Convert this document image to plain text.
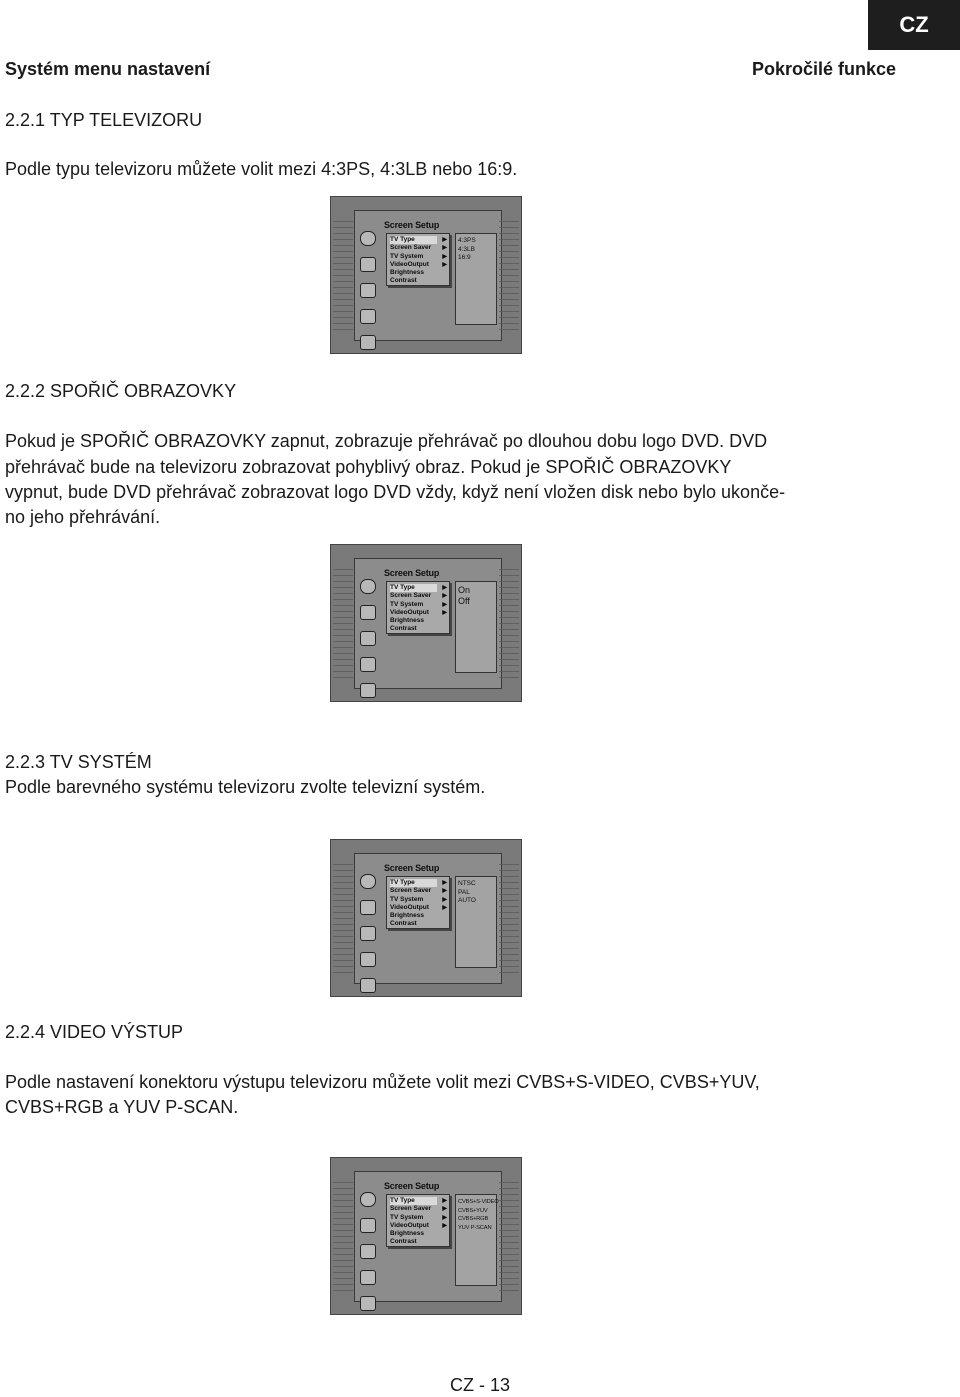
CZ
Systém menu nastavení	Pokročilé funkce
2.2.1 TYP TELEVIZORU
Podle typu televizoru můžete volit mezi 4:3PS, 4:3LB nebo 16:9.
Screen Setup
TV Type	▶
Screen Saver ▶
TV System	▶
VideoOutput ▶
Brightness
Contrast
4:3PS
4:3LB
16:9
2.2.2 SPOŘIČ OBRAZOVKY
Pokud je SPOŘIČ OBRAZOVKY zapnut, zobrazuje přehrávač po dlouhou dobu logo DVD. DVD
přehrávač bude na televizoru zobrazovat pohyblivý obraz. Pokud je SPOŘIČ OBRAZOVKY
vypnut, bude DVD přehrávač zobrazovat logo DVD vždy, když není vložen disk nebo bylo ukonče-
no jeho přehrávání.
Screen Setup
TV Type	▶
Screen Saver ▶
TV System	▶
VideoOutput ▶
Brightness
Contrast
On
Off
2.2.3 TV SYSTÉM
Podle barevného systému televizoru zvolte televizní systém.
Screen Setup
TV Type	▶
Screen Saver ▶
TV System	▶
VideoOutput ▶
Brightness
Contrast
NTSC
PAL
AUTO
2.2.4 VIDEO VÝSTUP
Podle nastavení konektoru výstupu televizoru můžete volit mezi CVBS+S-VIDEO, CVBS+YUV,
CVBS+RGB a YUV P-SCAN.
Screen Setup
TV Type	▶
Screen Saver ▶
TV System	▶
VideoOutput ▶
Brightness
Contrast
CVBS+S-VIDEO
CVBS+YUV
CVBS+RGB
YUV P-SCAN
CZ - 13
